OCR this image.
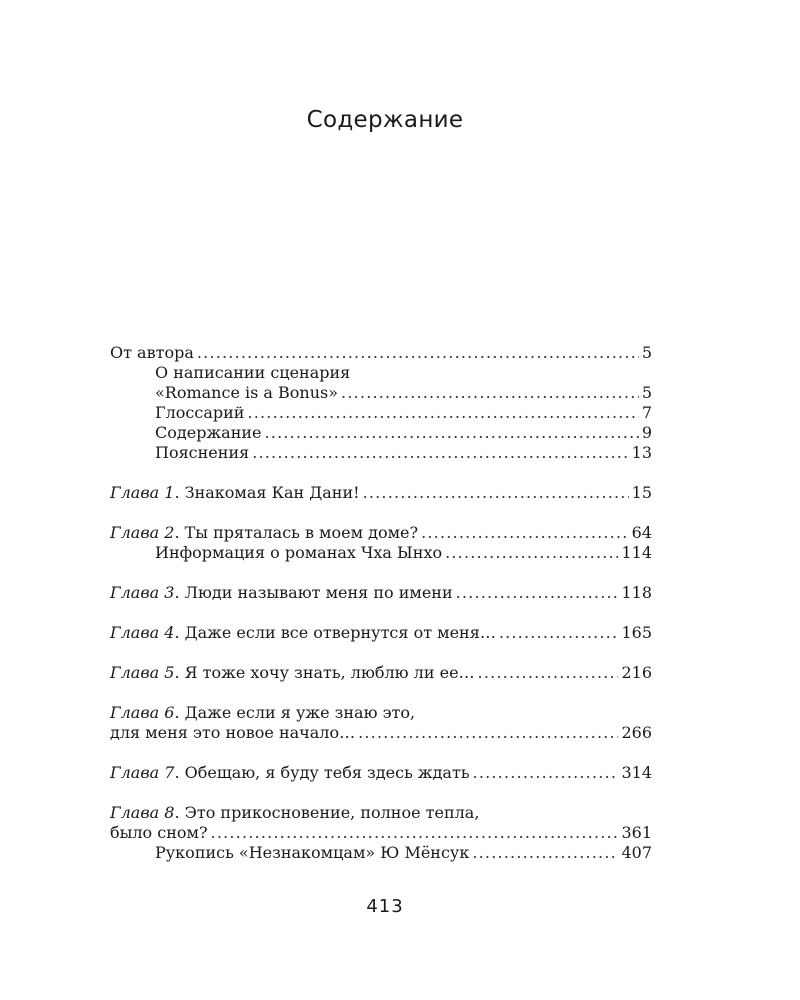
Содержание
От автора .....	5
О написании сценария
«Romance is a Bonus» .....	5
Глоссарий .....	7
Содержание .....	9
Пояснения .....	13
Глава 1. Знакомая Кан Дани! .....	15
Глава 2. Ты пряталась в моем доме? .....	64
Информация о романах Чха Ынхо .....	114
Глава 3. Люди называют меня по имени .....	118
Глава 4. Даже если все отвернутся от меня… .....	165
Глава 5. Я тоже хочу знать, люблю ли ее… .....	216
Глава 6. Даже если я уже знаю это,
для меня это новое начало… .....	266
Глава 7. Обещаю, я буду тебя здесь ждать .....	314
Глава 8. Это прикосновение, полное тепла,
было сном? .....	361
Рукопись «Незнакомцам» Ю Мёнсук .....	407
413
